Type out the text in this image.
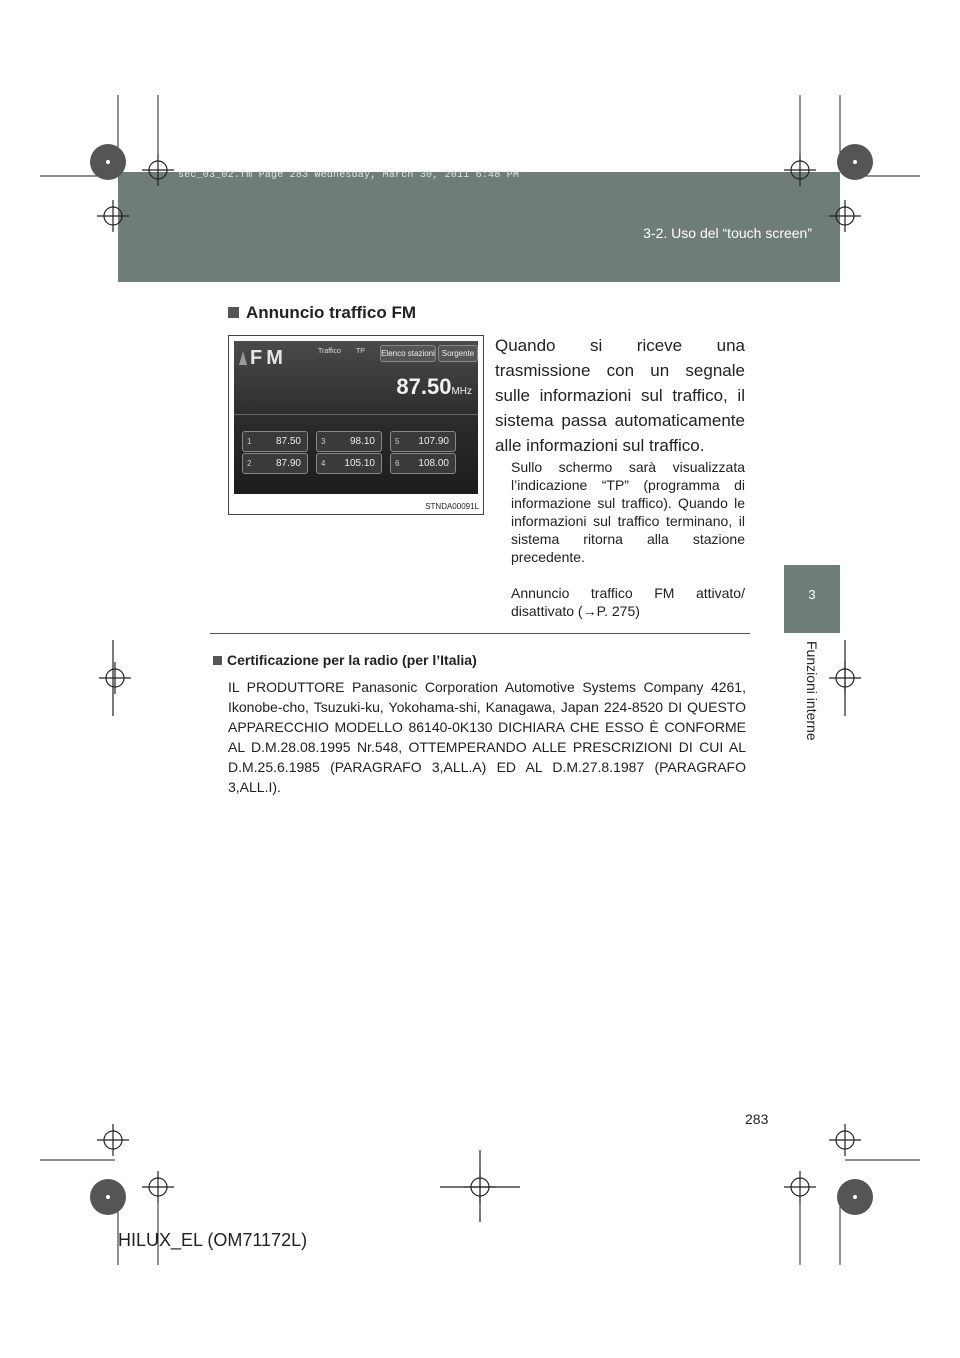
sec_03_02.fm Page 283 Wednesday, March 30, 2011 6:48 PM
3-2. Uso del “touch screen”
3
Funzioni interne
Annuncio traffico FM
FM	Traffico TP Elenco stazioni Sorgente
87.50MHz
1 87.50
2 87.90
3 98.10
4 105.10
5 107.90
6 108.00
STNDA00091L
Quando si riceve una trasmissione con un segnale sulle informazioni sul traffico, il sistema passa automaticamente alle informazioni sul traffico.
Sullo schermo sarà visualizzata l’indicazione “TP” (programma di informazione sul traffico). Quando le informazioni sul traffico terminano, il sistema ritorna alla stazione precedente.
Annuncio traffico FM attivato/ disattivato (→P. 275)
Certificazione per la radio (per l’Italia)
IL PRODUTTORE Panasonic Corporation Automotive Systems Company 4261, Ikonobe-cho, Tsuzuki-ku, Yokohama-shi, Kanagawa, Japan 224-8520 DI QUESTO APPARECCHIO MODELLO 86140-0K130 DICHIARA CHE ESSO È CONFORME AL D.M.28.08.1995 Nr.548, OTTEMPERANDO ALLE PRESCRIZIONI DI CUI AL D.M.25.6.1985 (PARAGRAFO 3,ALL.A) ED AL D.M.27.8.1987 (PARAGRAFO 3,ALL.I).
283
HILUX_EL (OM71172L)
